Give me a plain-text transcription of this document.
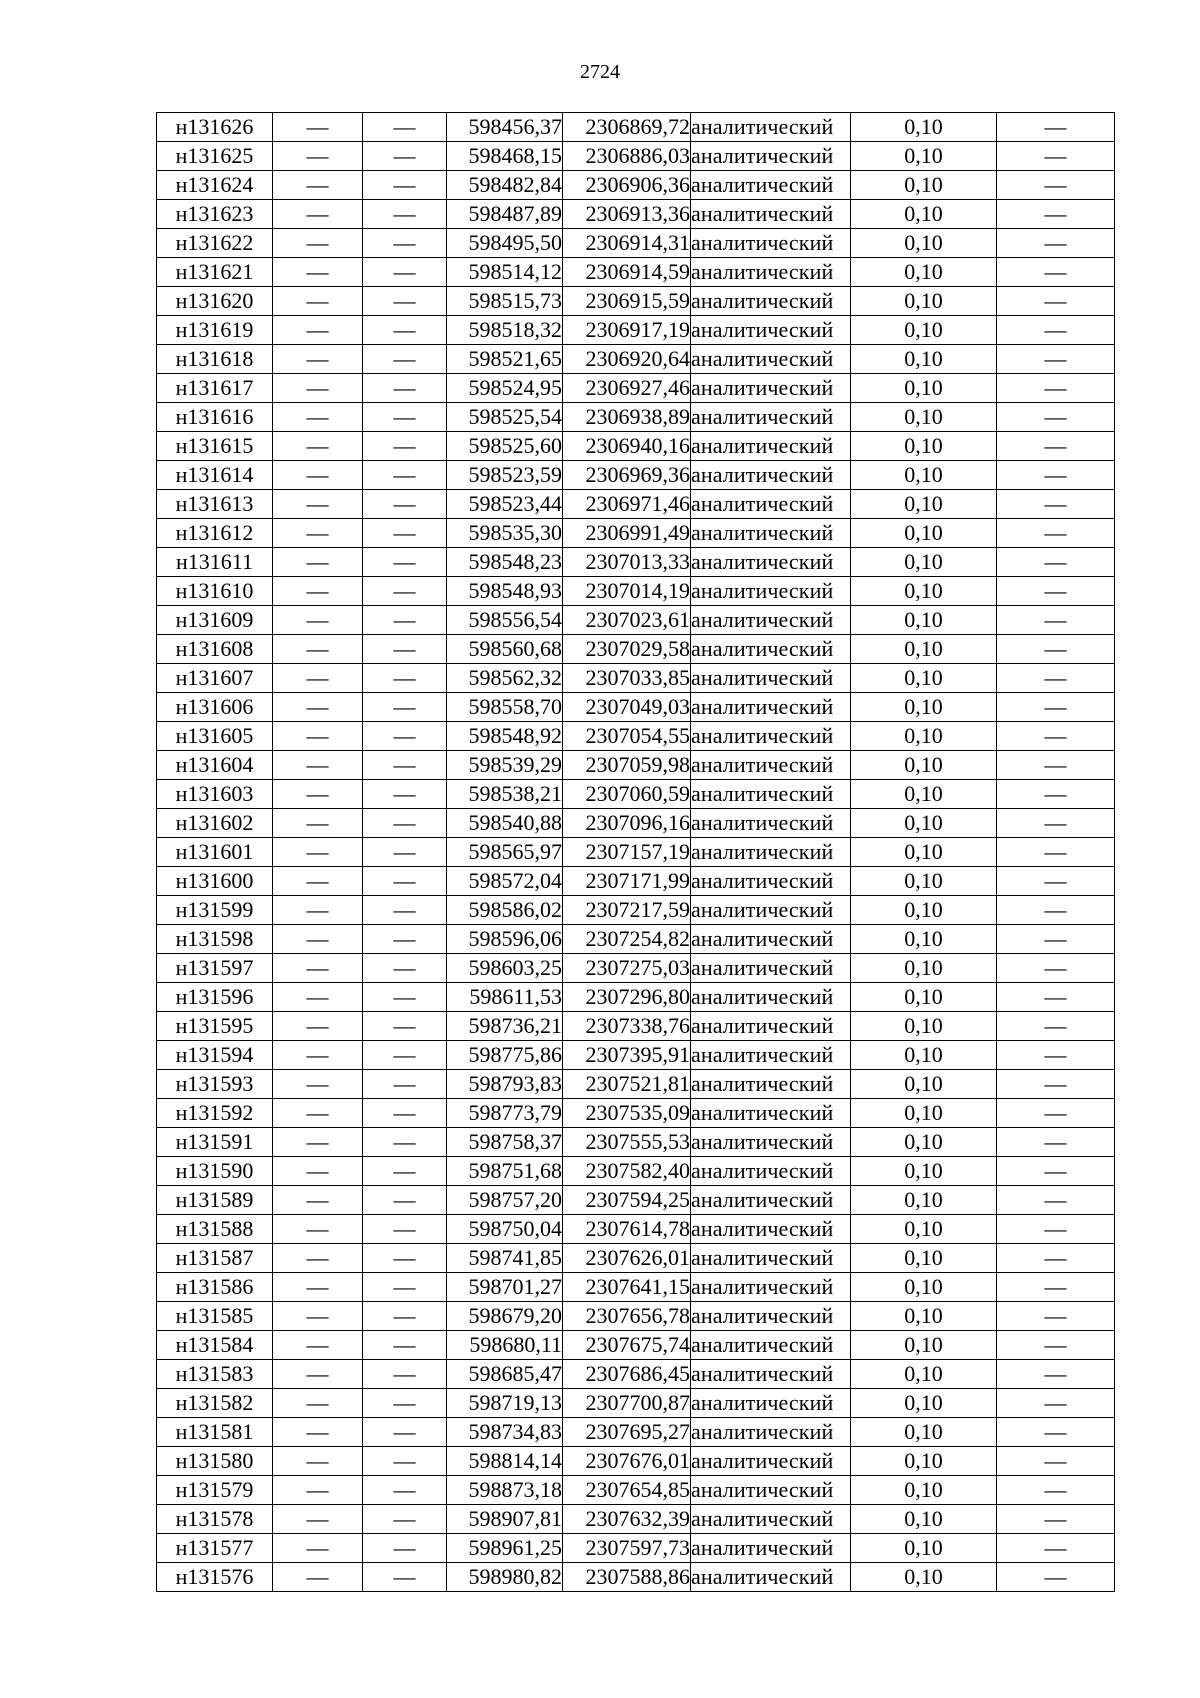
2724
н131626	—	—	598456,37	2306869,72	аналитический	0,10	—
н131625	—	—	598468,15	2306886,03	аналитический	0,10	—
н131624	—	—	598482,84	2306906,36	аналитический	0,10	—
н131623	—	—	598487,89	2306913,36	аналитический	0,10	—
н131622	—	—	598495,50	2306914,31	аналитический	0,10	—
н131621	—	—	598514,12	2306914,59	аналитический	0,10	—
н131620	—	—	598515,73	2306915,59	аналитический	0,10	—
н131619	—	—	598518,32	2306917,19	аналитический	0,10	—
н131618	—	—	598521,65	2306920,64	аналитический	0,10	—
н131617	—	—	598524,95	2306927,46	аналитический	0,10	—
н131616	—	—	598525,54	2306938,89	аналитический	0,10	—
н131615	—	—	598525,60	2306940,16	аналитический	0,10	—
н131614	—	—	598523,59	2306969,36	аналитический	0,10	—
н131613	—	—	598523,44	2306971,46	аналитический	0,10	—
н131612	—	—	598535,30	2306991,49	аналитический	0,10	—
н131611	—	—	598548,23	2307013,33	аналитический	0,10	—
н131610	—	—	598548,93	2307014,19	аналитический	0,10	—
н131609	—	—	598556,54	2307023,61	аналитический	0,10	—
н131608	—	—	598560,68	2307029,58	аналитический	0,10	—
н131607	—	—	598562,32	2307033,85	аналитический	0,10	—
н131606	—	—	598558,70	2307049,03	аналитический	0,10	—
н131605	—	—	598548,92	2307054,55	аналитический	0,10	—
н131604	—	—	598539,29	2307059,98	аналитический	0,10	—
н131603	—	—	598538,21	2307060,59	аналитический	0,10	—
н131602	—	—	598540,88	2307096,16	аналитический	0,10	—
н131601	—	—	598565,97	2307157,19	аналитический	0,10	—
н131600	—	—	598572,04	2307171,99	аналитический	0,10	—
н131599	—	—	598586,02	2307217,59	аналитический	0,10	—
н131598	—	—	598596,06	2307254,82	аналитический	0,10	—
н131597	—	—	598603,25	2307275,03	аналитический	0,10	—
н131596	—	—	598611,53	2307296,80	аналитический	0,10	—
н131595	—	—	598736,21	2307338,76	аналитический	0,10	—
н131594	—	—	598775,86	2307395,91	аналитический	0,10	—
н131593	—	—	598793,83	2307521,81	аналитический	0,10	—
н131592	—	—	598773,79	2307535,09	аналитический	0,10	—
н131591	—	—	598758,37	2307555,53	аналитический	0,10	—
н131590	—	—	598751,68	2307582,40	аналитический	0,10	—
н131589	—	—	598757,20	2307594,25	аналитический	0,10	—
н131588	—	—	598750,04	2307614,78	аналитический	0,10	—
н131587	—	—	598741,85	2307626,01	аналитический	0,10	—
н131586	—	—	598701,27	2307641,15	аналитический	0,10	—
н131585	—	—	598679,20	2307656,78	аналитический	0,10	—
н131584	—	—	598680,11	2307675,74	аналитический	0,10	—
н131583	—	—	598685,47	2307686,45	аналитический	0,10	—
н131582	—	—	598719,13	2307700,87	аналитический	0,10	—
н131581	—	—	598734,83	2307695,27	аналитический	0,10	—
н131580	—	—	598814,14	2307676,01	аналитический	0,10	—
н131579	—	—	598873,18	2307654,85	аналитический	0,10	—
н131578	—	—	598907,81	2307632,39	аналитический	0,10	—
н131577	—	—	598961,25	2307597,73	аналитический	0,10	—
н131576	—	—	598980,82	2307588,86	аналитический	0,10	—
